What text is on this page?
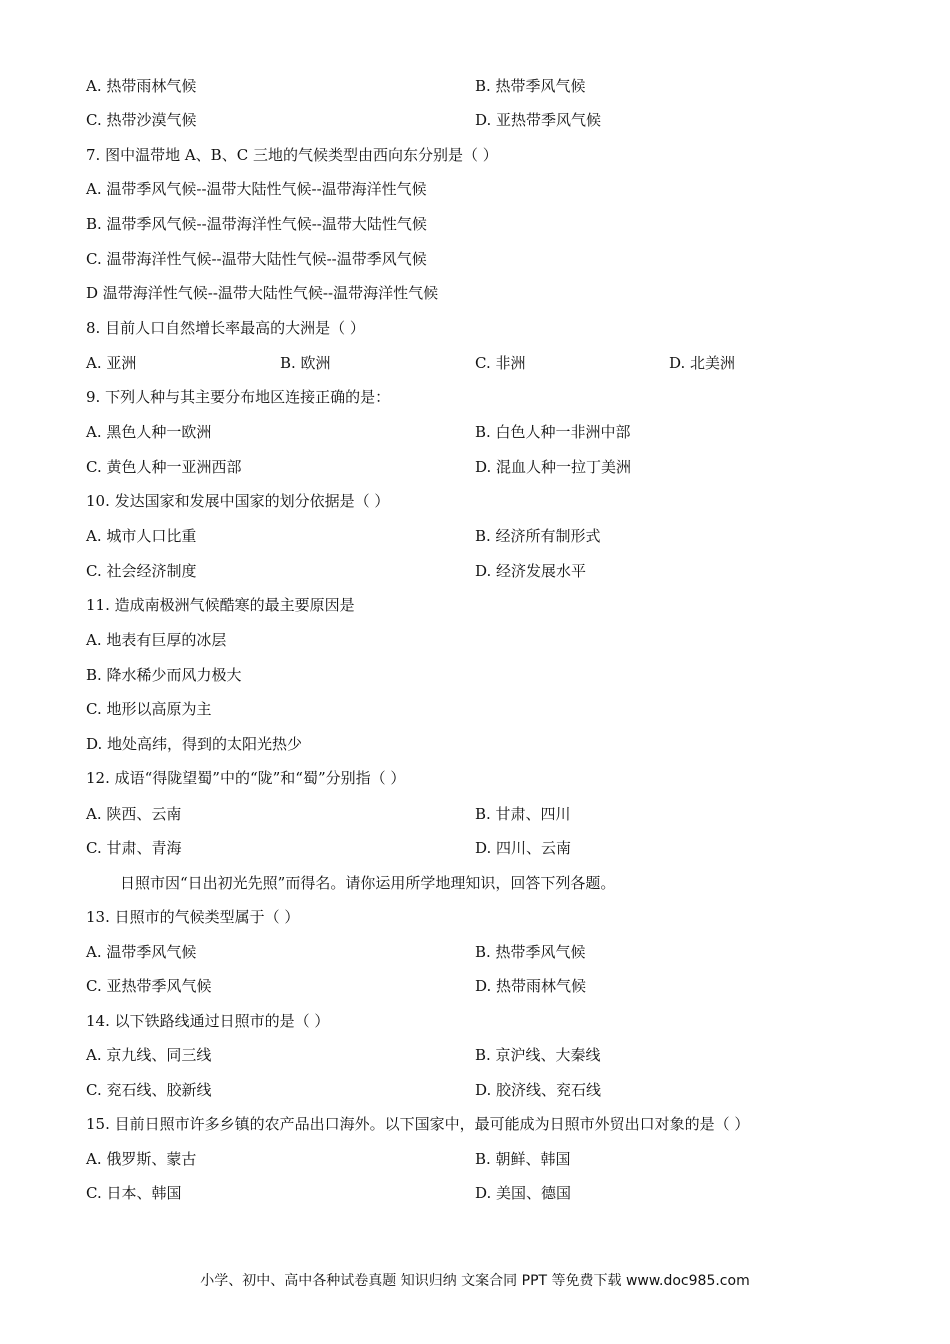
A. 热带雨林气候	B. 热带季风气候
C. 热带沙漠气候	D. 亚热带季风气候
7. 图中温带地 A、B、C 三地的气候类型由西向东分别是（ ）
A. 温带季风气候--温带大陆性气候--温带海洋性气候
B. 温带季风气候--温带海洋性气候--温带大陆性气候
C. 温带海洋性气候--温带大陆性气候--温带季风气候
D 温带海洋性气候--温带大陆性气候--温带海洋性气候
8. 目前人口自然增长率最高的大洲是（ ）
A. 亚洲	B. 欧洲	C. 非洲	D. 北美洲
9. 下列人种与其主要分布地区连接正确的是：
A. 黑色人种一欧洲	B. 白色人种一非洲中部
C. 黄色人种一亚洲西部	D. 混血人种一拉丁美洲
10. 发达国家和发展中国家的划分依据是（ ）
A. 城市人口比重	B. 经济所有制形式
C. 社会经济制度	D. 经济发展水平
11. 造成南极洲气候酷寒的最主要原因是
A. 地表有巨厚的冰层
B. 降水稀少而风力极大
C. 地形以高原为主
D. 地处高纬，得到的太阳光热少
12. 成语“得陇望蜀”中的“陇”和“蜀”分别指（ ）
A. 陕西、云南	B. 甘肃、四川
C. 甘肃、青海	D. 四川、云南
日照市因“日出初光先照”而得名。请你运用所学地理知识，回答下列各题。
13. 日照市的气候类型属于（ ）
A. 温带季风气候	B. 热带季风气候
C. 亚热带季风气候	D. 热带雨林气候
14. 以下铁路线通过日照市的是（ ）
A. 京九线、同三线	B. 京沪线、大秦线
C. 兖石线、胶新线	D. 胶济线、兖石线
15. 目前日照市许多乡镇的农产品出口海外。以下国家中，最可能成为日照市外贸出口对象的是（ ）
A. 俄罗斯、蒙古	B. 朝鲜、韩国
C. 日本、韩国	D. 美国、德国
小学、初中、高中各种试卷真题 知识归纳 文案合同 PPT 等免费下载 www.doc985.com
